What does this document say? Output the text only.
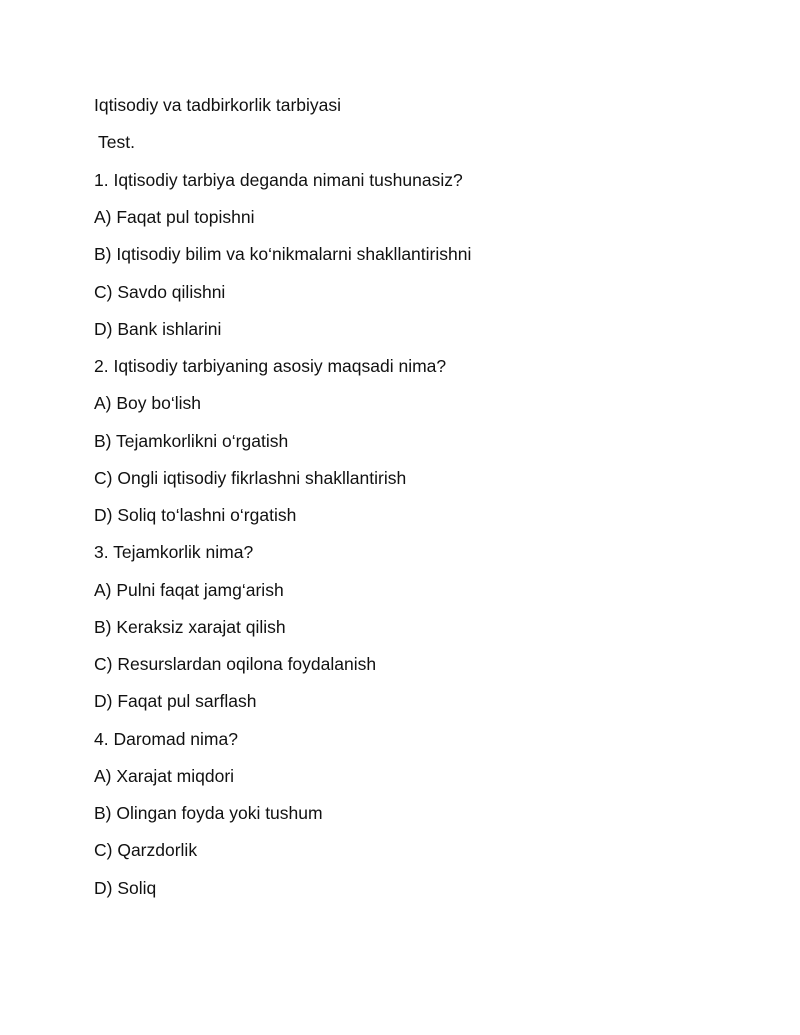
Iqtisodiy va tadbirkorlik tarbiyasi
Test.
1. Iqtisodiy tarbiya deganda nimani tushunasiz?
A) Faqat pul topishni
B) Iqtisodiy bilim va ko‘nikmalarni shakllantirishni
C) Savdo qilishni
D) Bank ishlarini
2. Iqtisodiy tarbiyaning asosiy maqsadi nima?
A) Boy bo‘lish
B) Tejamkorlikni o‘rgatish
C) Ongli iqtisodiy fikrlashni shakllantirish
D) Soliq to‘lashni o‘rgatish
3. Tejamkorlik nima?
A) Pulni faqat jamg‘arish
B) Keraksiz xarajat qilish
C) Resurslardan oqilona foydalanish
D) Faqat pul sarflash
4. Daromad nima?
A) Xarajat miqdori
B) Olingan foyda yoki tushum
C) Qarzdorlik
D) Soliq
